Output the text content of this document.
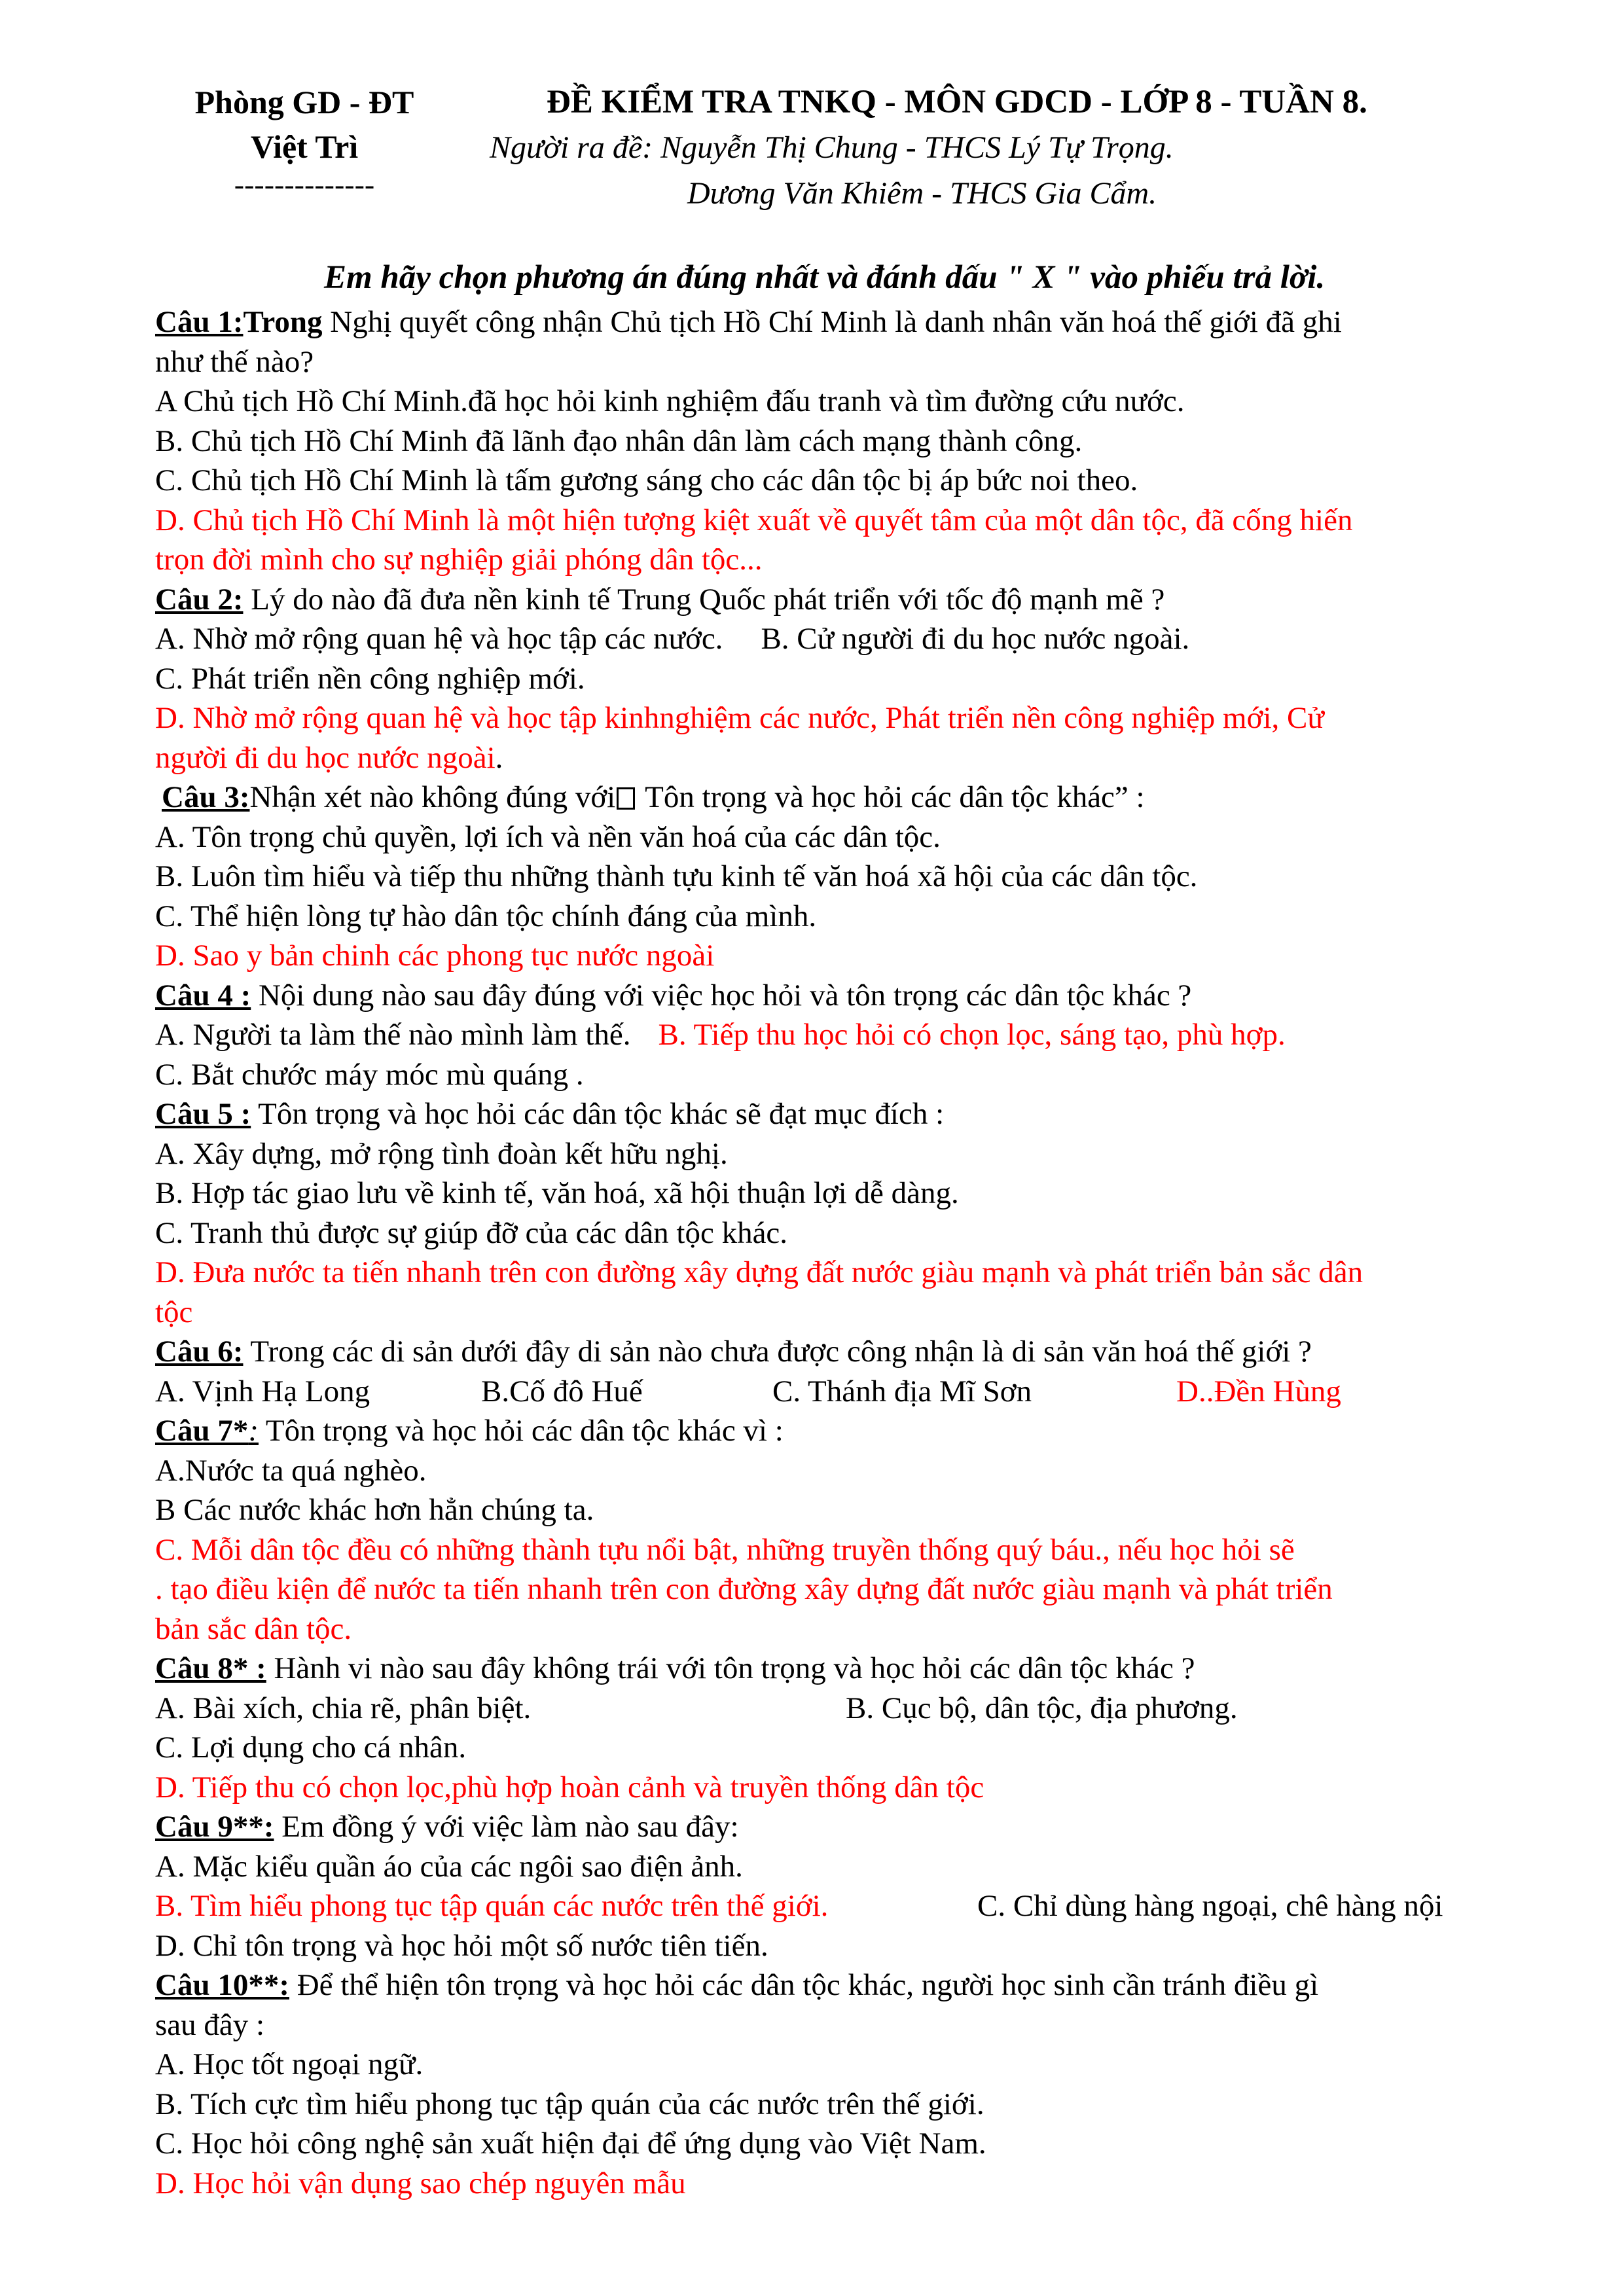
Phòng GD - ĐT
Việt Trì
--------------
ĐỀ KIỂM TRA TNKQ - MÔN GDCD - LỚP 8 - TUẦN 8.
Người ra đề: Nguyễn Thị Chung - THCS Lý Tự Trọng.
Dương Văn Khiêm - THCS Gia Cẩm.
Em hãy chọn phương án đúng nhất và đánh dấu " X " vào phiếu trả lời.
Câu 1:Trong Nghị quyết công nhận Chủ tịch Hồ Chí Minh là danh nhân văn hoá thế giới đã ghi
như thế nào?
A Chủ tịch Hồ Chí Minh.đã học hỏi kinh nghiệm đấu tranh và tìm đường cứu nước.
B. Chủ tịch Hồ Chí Minh đã lãnh đạo nhân dân làm cách mạng thành công.
C. Chủ tịch Hồ Chí Minh là tấm gương sáng cho các dân tộc bị áp bức noi theo.
D. Chủ tịch Hồ Chí Minh là một hiện tượng kiệt xuất về quyết tâm của một dân tộc, đã cống hiến
trọn đời mình cho sự nghiệp giải phóng dân tộc...
Câu 2: Lý do nào đã đưa nền kinh tế Trung Quốc phát triển với tốc độ mạnh mẽ ?
A. Nhờ mở rộng quan hệ và học tập các nước. B. Cử người đi du học nước ngoài.
C. Phát triển nền công nghiệp mới.
D. Nhờ mở rộng quan hệ và học tập kinhnghiệm các nước, Phát triển nền công nghiệp mới, Cử
người đi du học nước ngoài.
Câu 3:Nhận xét nào không đúng với Tôn trọng và học hỏi các dân tộc khác” :
A. Tôn trọng chủ quyền, lợi ích và nền văn hoá của các dân tộc.
B. Luôn tìm hiểu và tiếp thu những thành tựu kinh tế văn hoá xã hội của các dân tộc.
C. Thể hiện lòng tự hào dân tộc chính đáng của mình.
D. Sao y bản chinh các phong tục nước ngoài
Câu 4 : Nội dung nào sau đây đúng với việc học hỏi và tôn trọng các dân tộc khác ?
A. Người ta làm thế nào mình làm thế. B. Tiếp thu học hỏi có chọn lọc, sáng tạo, phù hợp.
C. Bắt chước máy móc mù quáng .
Câu 5 : Tôn trọng và học hỏi các dân tộc khác sẽ đạt mục đích :
A. Xây dựng, mở rộng tình đoàn kết hữu nghị.
B. Hợp tác giao lưu về kinh tế, văn hoá, xã hội thuận lợi dễ dàng.
C. Tranh thủ được sự giúp đỡ của các dân tộc khác.
D. Đưa nước ta tiến nhanh trên con đường xây dựng đất nước giàu mạnh và phát triển bản sắc dân
tộc
Câu 6: Trong các di sản dưới đây di sản nào chưa được công nhận là di sản văn hoá thế giới ?
A. Vịnh Hạ Long	B.Cố đô Huế	C. Thánh địa Mĩ Sơn	D..Đền Hùng
Câu 7*: Tôn trọng và học hỏi các dân tộc khác vì :
A.Nước ta quá nghèo.
B Các nước khác hơn hẳn chúng ta.
C. Mỗi dân tộc đều có những thành tựu nổi bật, những truyền thống quý báu., nếu học hỏi sẽ
. tạo điều kiện để nước ta tiến nhanh trên con đường xây dựng đất nước giàu mạnh và phát triển
bản sắc dân tộc.
Câu 8* : Hành vi nào sau đây không trái với tôn trọng và học hỏi các dân tộc khác ?
A. Bài xích, chia rẽ, phân biệt.	B. Cục bộ, dân tộc, địa phương.
C. Lợi dụng cho cá nhân.
D. Tiếp thu có chọn lọc,phù hợp hoàn cảnh và truyền thống dân tộc
Câu 9**: Em đồng ý với việc làm nào sau đây:
A. Mặc kiểu quần áo của các ngôi sao điện ảnh.
B. Tìm hiểu phong tục tập quán các nước trên thế giới.	C. Chỉ dùng hàng ngoại, chê hàng nội
D. Chỉ tôn trọng và học hỏi một số nước tiên tiến.
Câu 10**: Để thể hiện tôn trọng và học hỏi các dân tộc khác, người học sinh cần tránh điều gì
sau đây :
A. Học tốt ngoại ngữ.
B. Tích cực tìm hiểu phong tục tập quán của các nước trên thế giới.
C. Học hỏi công nghệ sản xuất hiện đại để ứng dụng vào Việt Nam.
D. Học hỏi vận dụng sao chép nguyên mẫu
